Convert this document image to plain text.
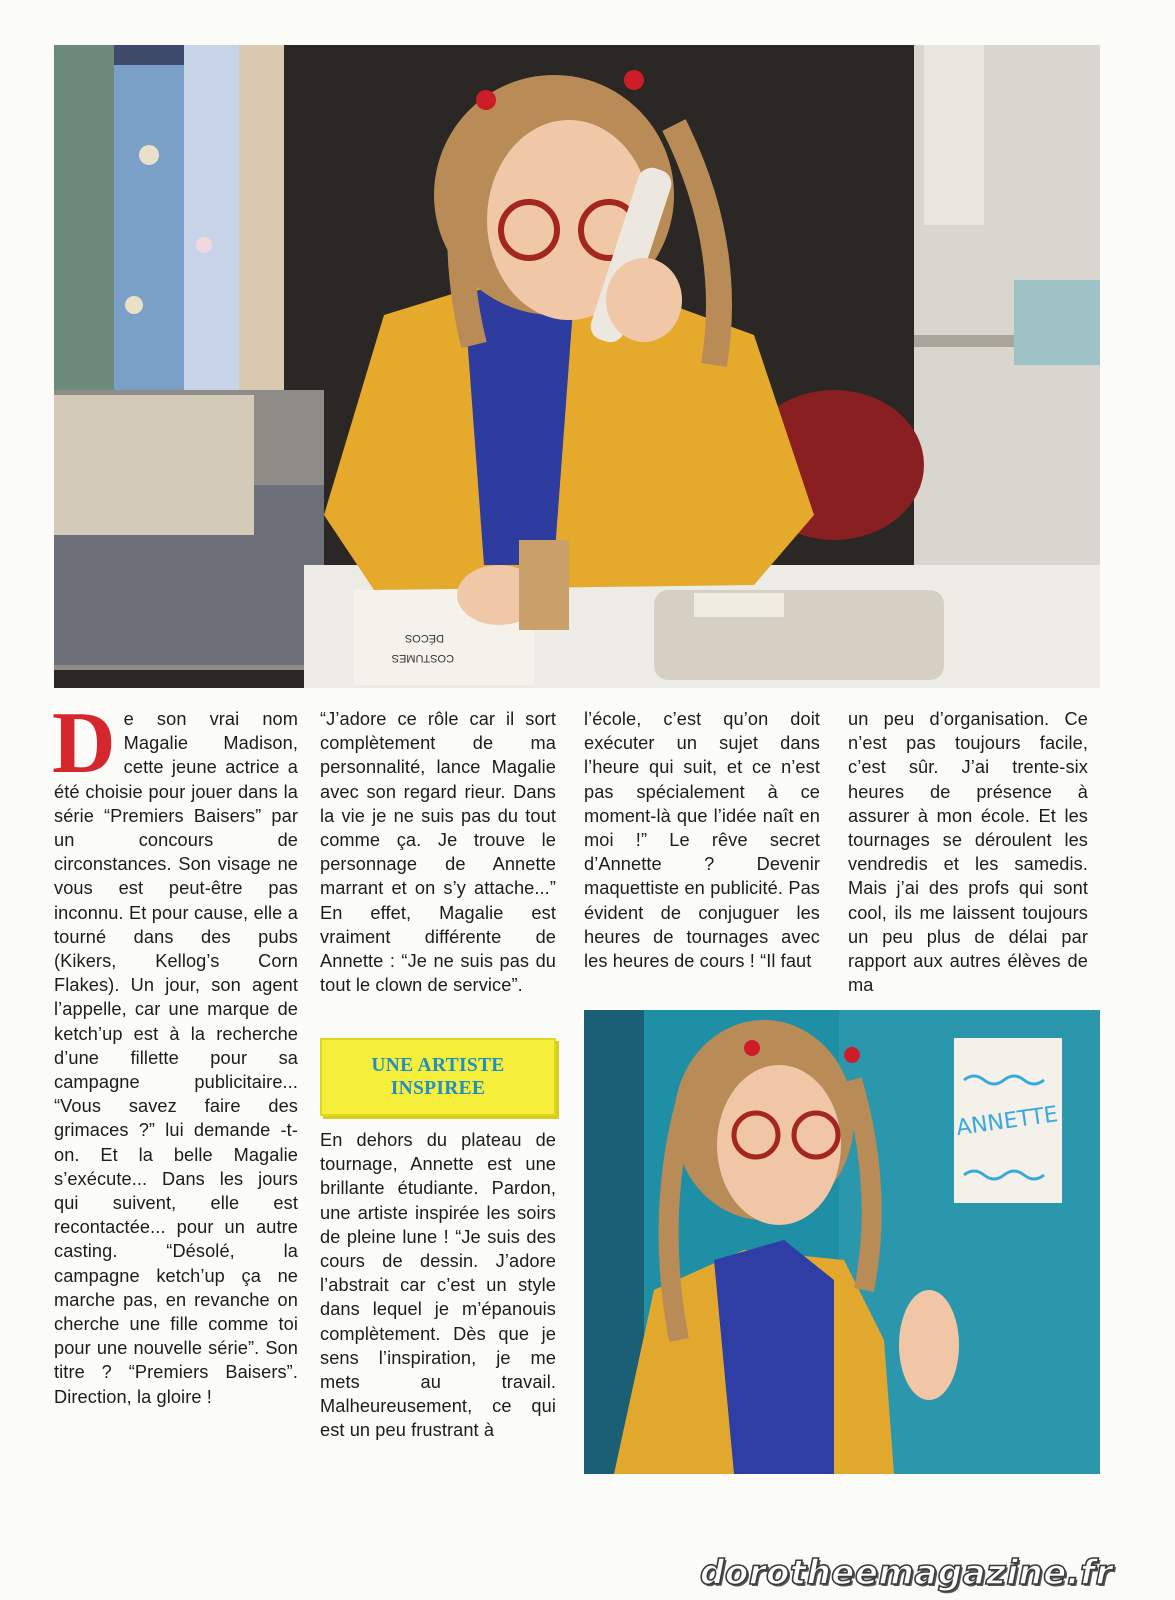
DÉCOS
COSTUMES

De son vrai nom Magalie Madison, cette jeune actrice a été choisie pour jouer dans la série “Premiers Baisers” par un concours de circonstances. Son visage ne vous est peut-être pas inconnu. Et pour cause, elle a tourné dans des pubs (Kikers, Kellog’s Corn Flakes). Un jour, son agent l’appelle, car une marque de ketch’up est à la recherche d’une fillette pour sa campagne publicitaire... “Vous savez faire des grimaces ?” lui demande -t-on. Et la belle Magalie s’exécute... Dans les jours qui suivent, elle est recontactée... pour un autre casting. “Désolé, la campagne ketch’up ça ne marche pas, en revanche on cherche une fille comme toi pour une nouvelle série”. Son titre ? “Premiers Baisers”. Direction, la gloire !

“J’adore ce rôle car il sort complètement de ma personnalité, lance Magalie avec son regard rieur. Dans la vie je ne suis pas du tout comme ça. Je trouve le personnage de Annette marrant et on s’y attache...” En effet, Magalie est vraiment différente de Annette : “Je ne suis pas du tout le clown de service”.

UNE ARTISTE
INSPIREE

En dehors du plateau de tournage, Annette est une brillante étudiante. Pardon, une artiste inspirée les soirs de pleine lune ! “Je suis des cours de dessin. J’adore l’abstrait car c’est un style dans lequel je m’épanouis complètement. Dès que je sens l’inspiration, je me mets au travail. Malheureusement, ce qui est un peu frustrant à

l’école, c’est qu’on doit exécuter un sujet dans l’heure qui suit, et ce n’est pas spécialement à ce moment-là que l’idée naît en moi !” Le rêve secret d’Annette ? Devenir maquettiste en publicité. Pas évident de conjuguer les heures de tournages avec les heures de cours ! “Il faut

un peu d’organisation. Ce n’est pas toujours facile, c’est sûr. J’ai trente-six heures de présence à assurer à mon école. Et les tournages se déroulent les vendredis et les samedis. Mais j’ai des profs qui sont cool, ils me laissent toujours un peu plus de délai par rapport aux autres élèves de ma

ANNETTE
dorotheemagazine.fr
